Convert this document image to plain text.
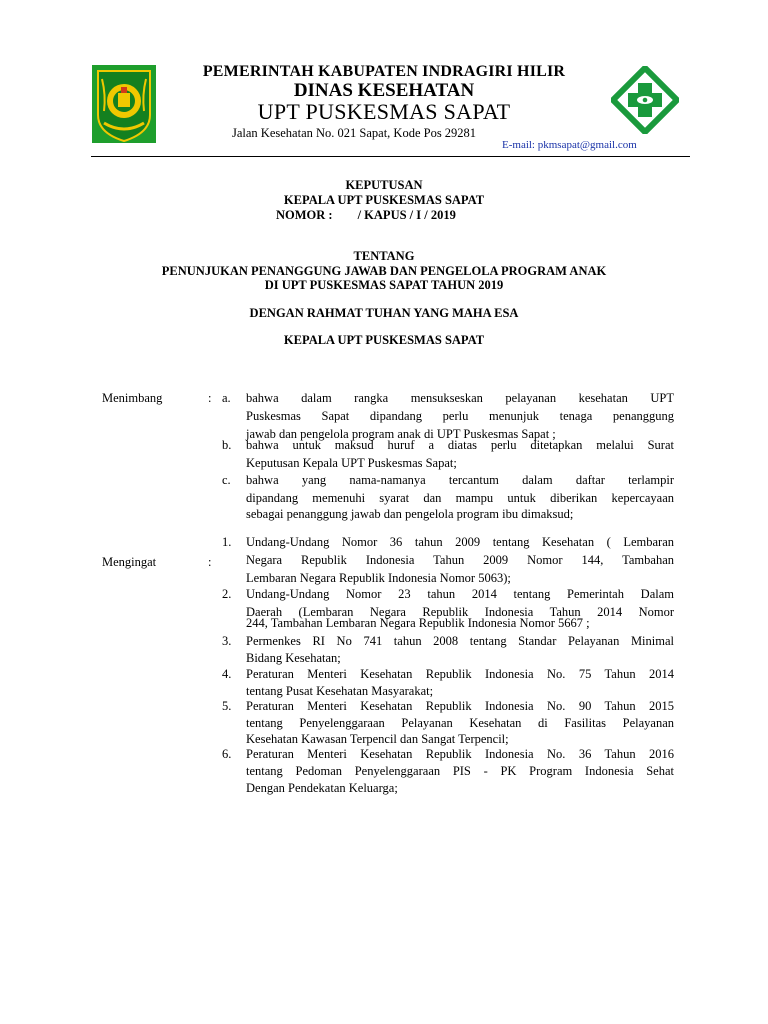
PEMERINTAH KABUPATEN INDRAGIRI HILIR
DINAS KESEHATAN
UPT PUSKESMAS SAPAT
Jalan Kesehatan No. 021 Sapat, Kode Pos 29281
E-mail: pkmsapat@gmail.com
KEPUTUSAN
KEPALA UPT PUSKESMAS SAPAT
NOMOR :        / KAPUS / I / 2019
TENTANG
PENUNJUKAN PENANGGUNG JAWAB DAN PENGELOLA PROGRAM ANAK
DI UPT PUSKESMAS SAPAT TAHUN 2019
DENGAN RAHMAT TUHAN YANG MAHA ESA
KEPALA UPT PUSKESMAS SAPAT
Menimbang	: a.	bahwa dalam rangka mensukseskan pelayanan kesehatan UPT
Puskesmas Sapat dipandang perlu menunjuk tenaga penanggung
jawab dan pengelola program anak di UPT Puskesmas Sapat ;
b.	bahwa untuk maksud huruf a diatas perlu ditetapkan melalui Surat
Keputusan Kepala UPT Puskesmas Sapat;
c.	bahwa yang nama-namanya tercantum dalam daftar terlampir
dipandang memenuhi syarat dan mampu untuk diberikan kepercayaan
sebagai penanggung jawab dan pengelola program ibu dimaksud;
Mengingat	:
1.	Undang-Undang Nomor 36 tahun 2009 tentang Kesehatan ( Lembaran
Negara Republik Indonesia Tahun 2009 Nomor 144, Tambahan
Lembaran Negara Republik Indonesia Nomor 5063);
2.	Undang-Undang Nomor 23 tahun 2014 tentang Pemerintah Dalam
Daerah (Lembaran Negara Republik Indonesia Tahun 2014 Nomor
244, Tambahan Lembaran Negara Republik Indonesia Nomor 5667 ;
3.	Permenkes RI No 741 tahun 2008 tentang Standar Pelayanan Minimal
Bidang Kesehatan;
4.	Peraturan Menteri Kesehatan Republik Indonesia No. 75 Tahun 2014
tentang Pusat Kesehatan Masyarakat;
5.	Peraturan Menteri Kesehatan Republik Indonesia No. 90 Tahun 2015
tentang Penyelenggaraan Pelayanan Kesehatan di Fasilitas Pelayanan
Kesehatan Kawasan Terpencil dan Sangat Terpencil;
6.	Peraturan Menteri Kesehatan Republik Indonesia No. 36 Tahun 2016
tentang Pedoman Penyelenggaraan PIS - PK Program Indonesia Sehat
Dengan Pendekatan Keluarga;
